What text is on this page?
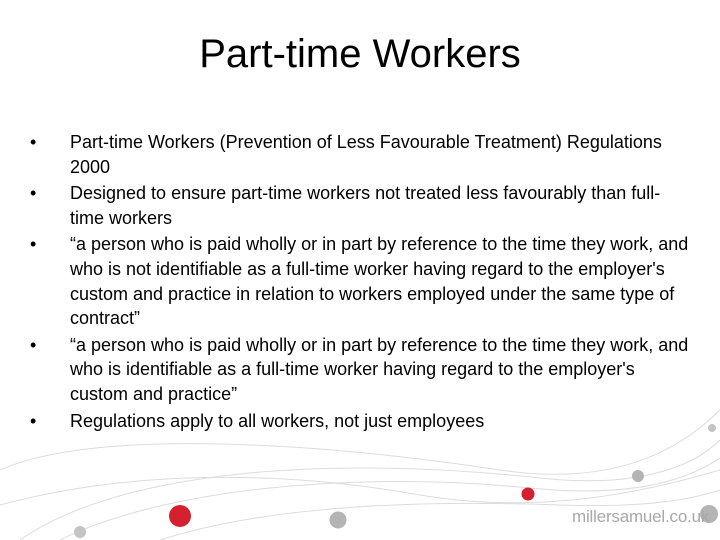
Part-time Workers
• Part-time Workers (Prevention of Less Favourable Treatment) Regulations 2000
• Designed to ensure part-time workers not treated less favourably than full-time workers
• “a person who is paid wholly or in part by reference to the time they work, and who is not identifiable as a full-time worker having regard to the employer's custom and practice in relation to workers employed under the same type of contract”
• “a person who is paid wholly or in part by reference to the time they work, and who is identifiable as a full-time worker having regard to the employer's custom and practice”
• Regulations apply to all workers, not just employees
millersamuel.co.uk
